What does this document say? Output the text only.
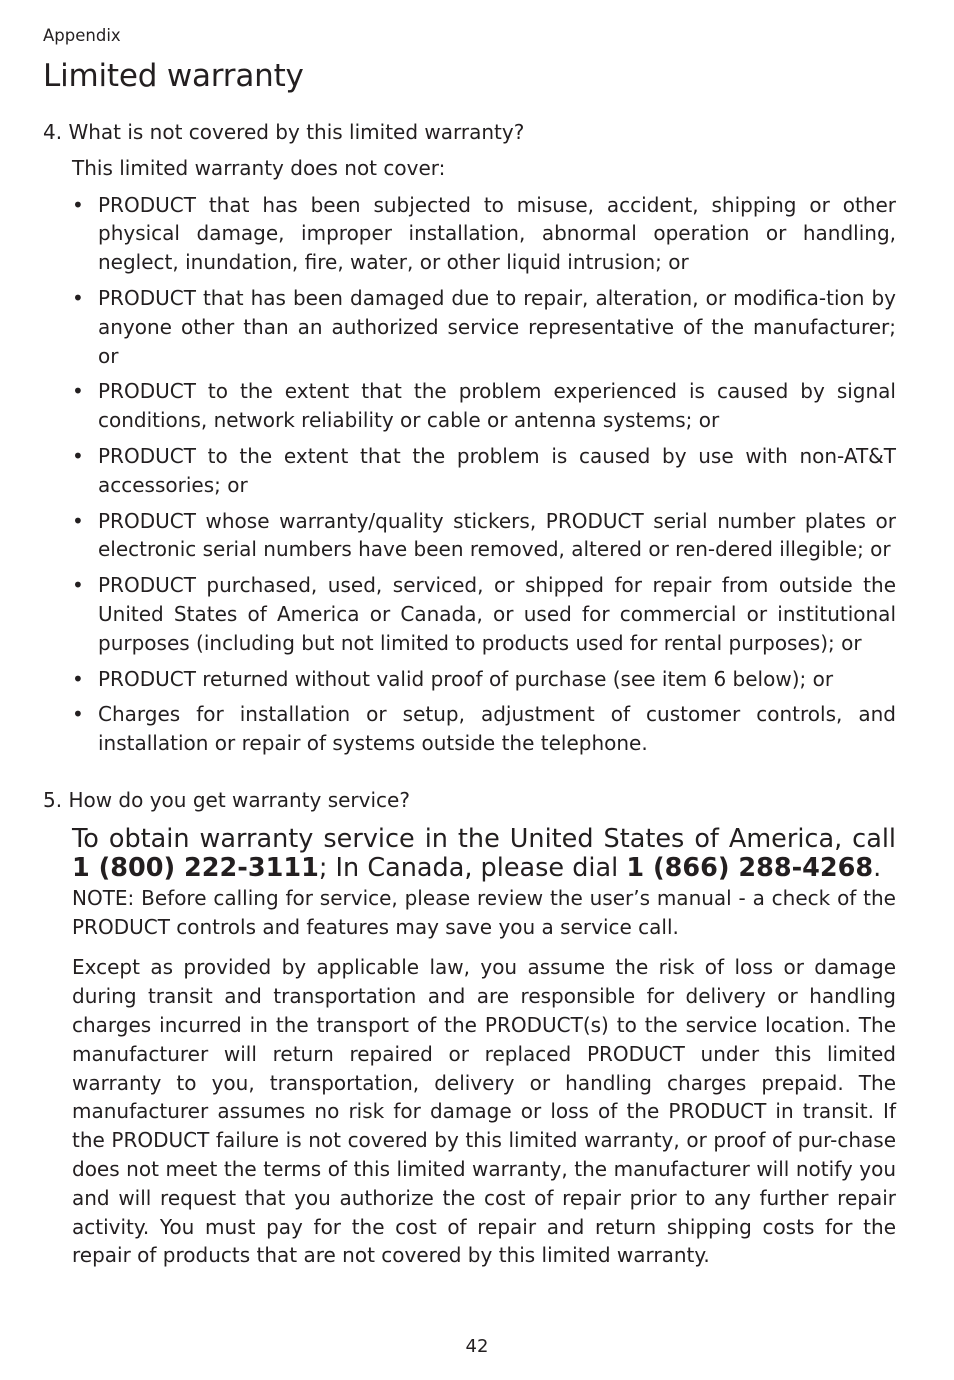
Appendix
Limited warranty

4. What is not covered by this limited warranty?

This limited warranty does not cover:

• PRODUCT that has been subjected to misuse, accident, shipping or other physical damage, improper installation, abnormal operation or handling, neglect, inundation, fire, water, or other liquid intrusion; or
• PRODUCT that has been damaged due to repair, alteration, or modifica-tion by anyone other than an authorized service representative of the manufacturer; or
• PRODUCT to the extent that the problem experienced is caused by signal conditions, network reliability or cable or antenna systems; or
• PRODUCT to the extent that the problem is caused by use with non-AT&T accessories; or
• PRODUCT whose warranty/quality stickers, PRODUCT serial number plates or electronic serial numbers have been removed, altered or ren-dered illegible; or
• PRODUCT purchased, used, serviced, or shipped for repair from outside the United States of America or Canada, or used for commercial or institutional purposes (including but not limited to products used for rental purposes); or
• PRODUCT returned without valid proof of purchase (see item 6 below); or
• Charges for installation or setup, adjustment of customer controls, and installation or repair of systems outside the telephone.

5. How do you get warranty service?

To obtain warranty service in the United States of America, call 1 (800) 222-3111; In Canada, please dial 1 (866) 288-4268.
NOTE: Before calling for service, please review the user’s manual - a check of the PRODUCT controls and features may save you a service call.
Except as provided by applicable law, you assume the risk of loss or damage during transit and transportation and are responsible for delivery or handling charges incurred in the transport of the PRODUCT(s) to the service location. The manufacturer will return repaired or replaced PRODUCT under this limited warranty to you, transportation, delivery or handling charges prepaid. The manufacturer assumes no risk for damage or loss of the PRODUCT in transit. If the PRODUCT failure is not covered by this limited warranty, or proof of pur-chase does not meet the terms of this limited warranty, the manufacturer will notify you and will request that you authorize the cost of repair prior to any further repair activity. You must pay for the cost of repair and return shipping costs for the repair of products that are not covered by this limited warranty.
42
